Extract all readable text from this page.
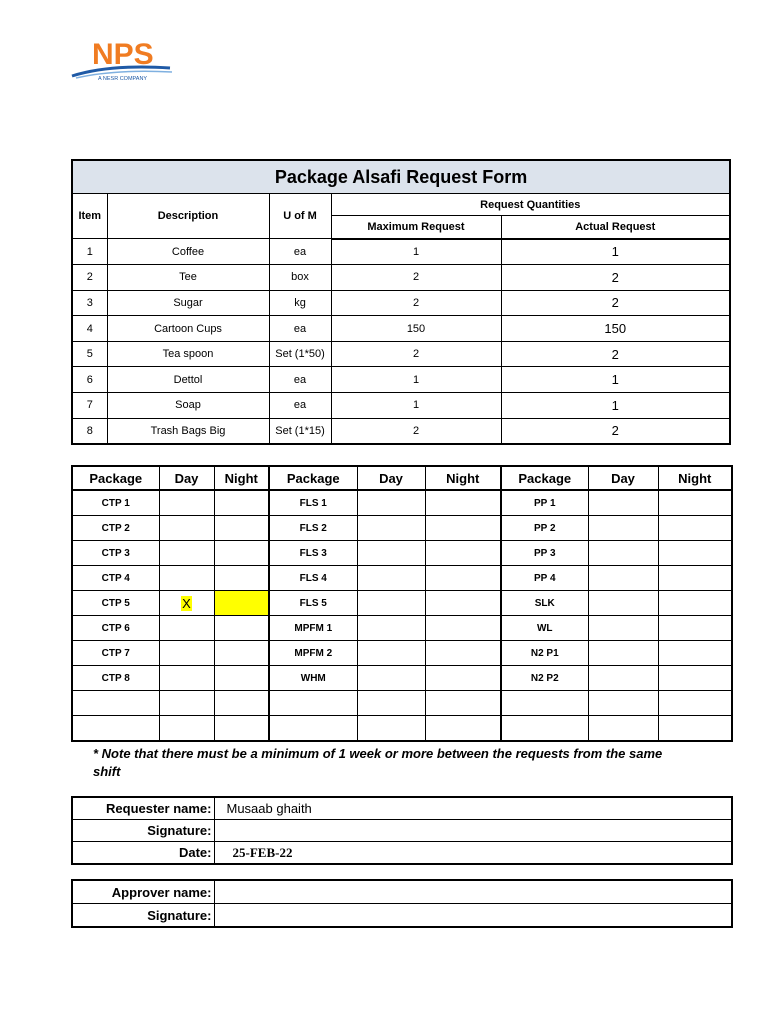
NPS
A NESR COMPANY
Package Alsafi Request Form				
Item	Description	U of M	Request Quantities	
			Maximum Request	Actual Request
1	Coffee	ea	1	1
2	Tee	box	2	2
3	Sugar	kg	2	2
4	Cartoon Cups	ea	150	150
5	Tea spoon	Set (1*50)	2	2
6	Dettol	ea	1	1
7	Soap	ea	1	1
8	Trash Bags Big	Set (1*15)	2	2
Package	Day	Night	Package	Day	Night	Package	Day	Night
CTP 1			FLS 1			PP 1		
CTP 2			FLS 2			PP 2		
CTP 3			FLS 3			PP 3		
CTP 4			FLS 4			PP 4		
CTP 5	X		FLS 5			SLK		
CTP 6			MPFM 1			WL		
CTP 7			MPFM 2			N2 P1		
CTP 8			WHM			N2 P2		

* Note that there must be a minimum of 1 week or more between the requests from the same shift
Requester name:	Musaab ghaith
Signature:	
Date:	25-FEB-22
Approver name:	
Signature:	
